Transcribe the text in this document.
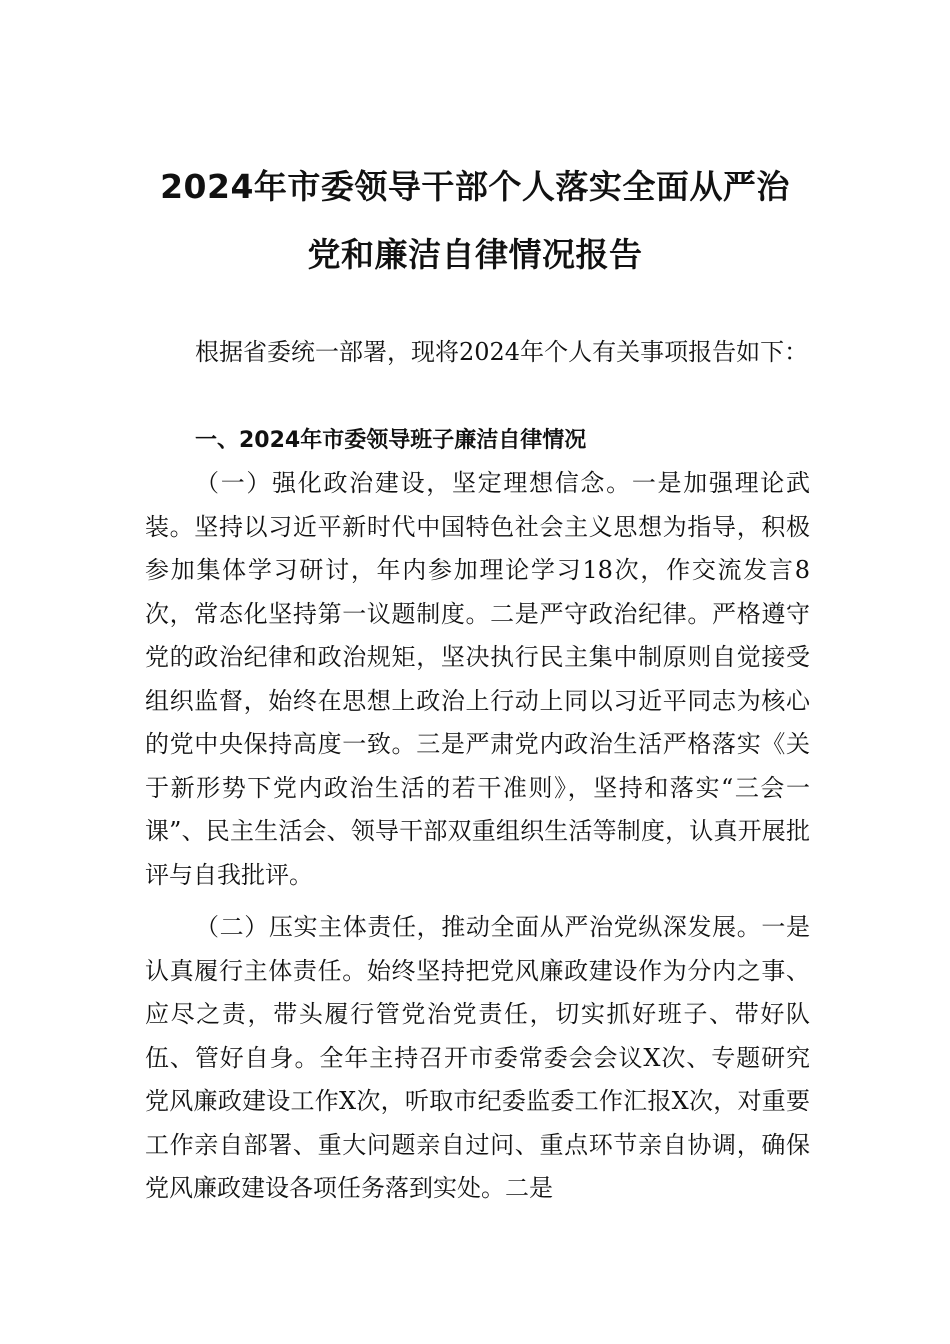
2024年市委领导干部个人落实全面从严治
党和廉洁自律情况报告
根据省委统一部署，现将2024年个人有关事项报告如下：
一、2024年市委领导班子廉洁自律情况
（一）强化政治建设，坚定理想信念。一是加强理论武装。坚持以习近平新时代中国特色社会主义思想为指导，积极参加集体学习研讨，年内参加理论学习18次，作交流发言8次，常态化坚持第一议题制度。二是严守政治纪律。严格遵守党的政治纪律和政治规矩，坚决执行民主集中制原则自觉接受组织监督，始终在思想上政治上行动上同以习近平同志为核心的党中央保持高度一致。三是严肃党内政治生活严格落实《关于新形势下党内政治生活的若干准则》，坚持和落实“三会一课”、民主生活会、领导干部双重组织生活等制度，认真开展批评与自我批评。
（二）压实主体责任，推动全面从严治党纵深发展。一是认真履行主体责任。始终坚持把党风廉政建设作为分内之事、应尽之责，带头履行管党治党责任，切实抓好班子、带好队伍、管好自身。全年主持召开市委常委会会议X次、专题研究党风廉政建设工作X次，听取市纪委监委工作汇报X次，对重要工作亲自部署、重大问题亲自过问、重点环节亲自协调，确保党风廉政建设各项任务落到实处。二是
